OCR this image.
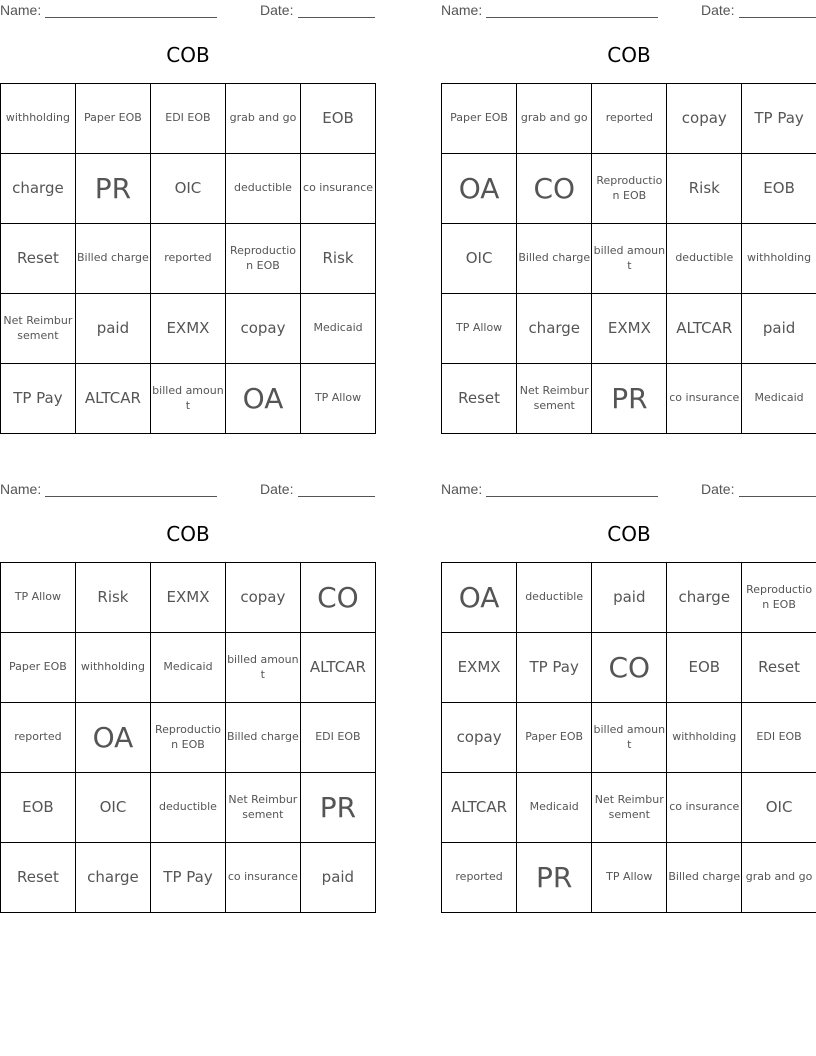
Name:	Date:
COB
withholding	Paper EOB	EDI EOB	grab and go	EOB
charge	PR	OIC	deductible	co insurance
Reset	Billed charge	reported	Reproduction EOB	Risk
Net Reimbursement	paid	EXMX	copay	Medicaid
TP Pay	ALTCAR	billed amount	OA	TP Allow
Name:	Date:
COB
Paper EOB	grab and go	reported	copay	TP Pay
OA	CO	Reproduction EOB	Risk	EOB
OIC	Billed charge	billed amount	deductible	withholding
TP Allow	charge	EXMX	ALTCAR	paid
Reset	Net Reimbursement	PR	co insurance	Medicaid
Name:	Date:
COB
TP Allow	Risk	EXMX	copay	CO
Paper EOB	withholding	Medicaid	billed amount	ALTCAR
reported	OA	Reproduction EOB	Billed charge	EDI EOB
EOB	OIC	deductible	Net Reimbursement	PR
Reset	charge	TP Pay	co insurance	paid
Name:	Date:
COB
OA	deductible	paid	charge	Reproduction EOB
EXMX	TP Pay	CO	EOB	Reset
copay	Paper EOB	billed amount	withholding	EDI EOB
ALTCAR	Medicaid	Net Reimbursement	co insurance	OIC
reported	PR	TP Allow	Billed charge	grab and go
